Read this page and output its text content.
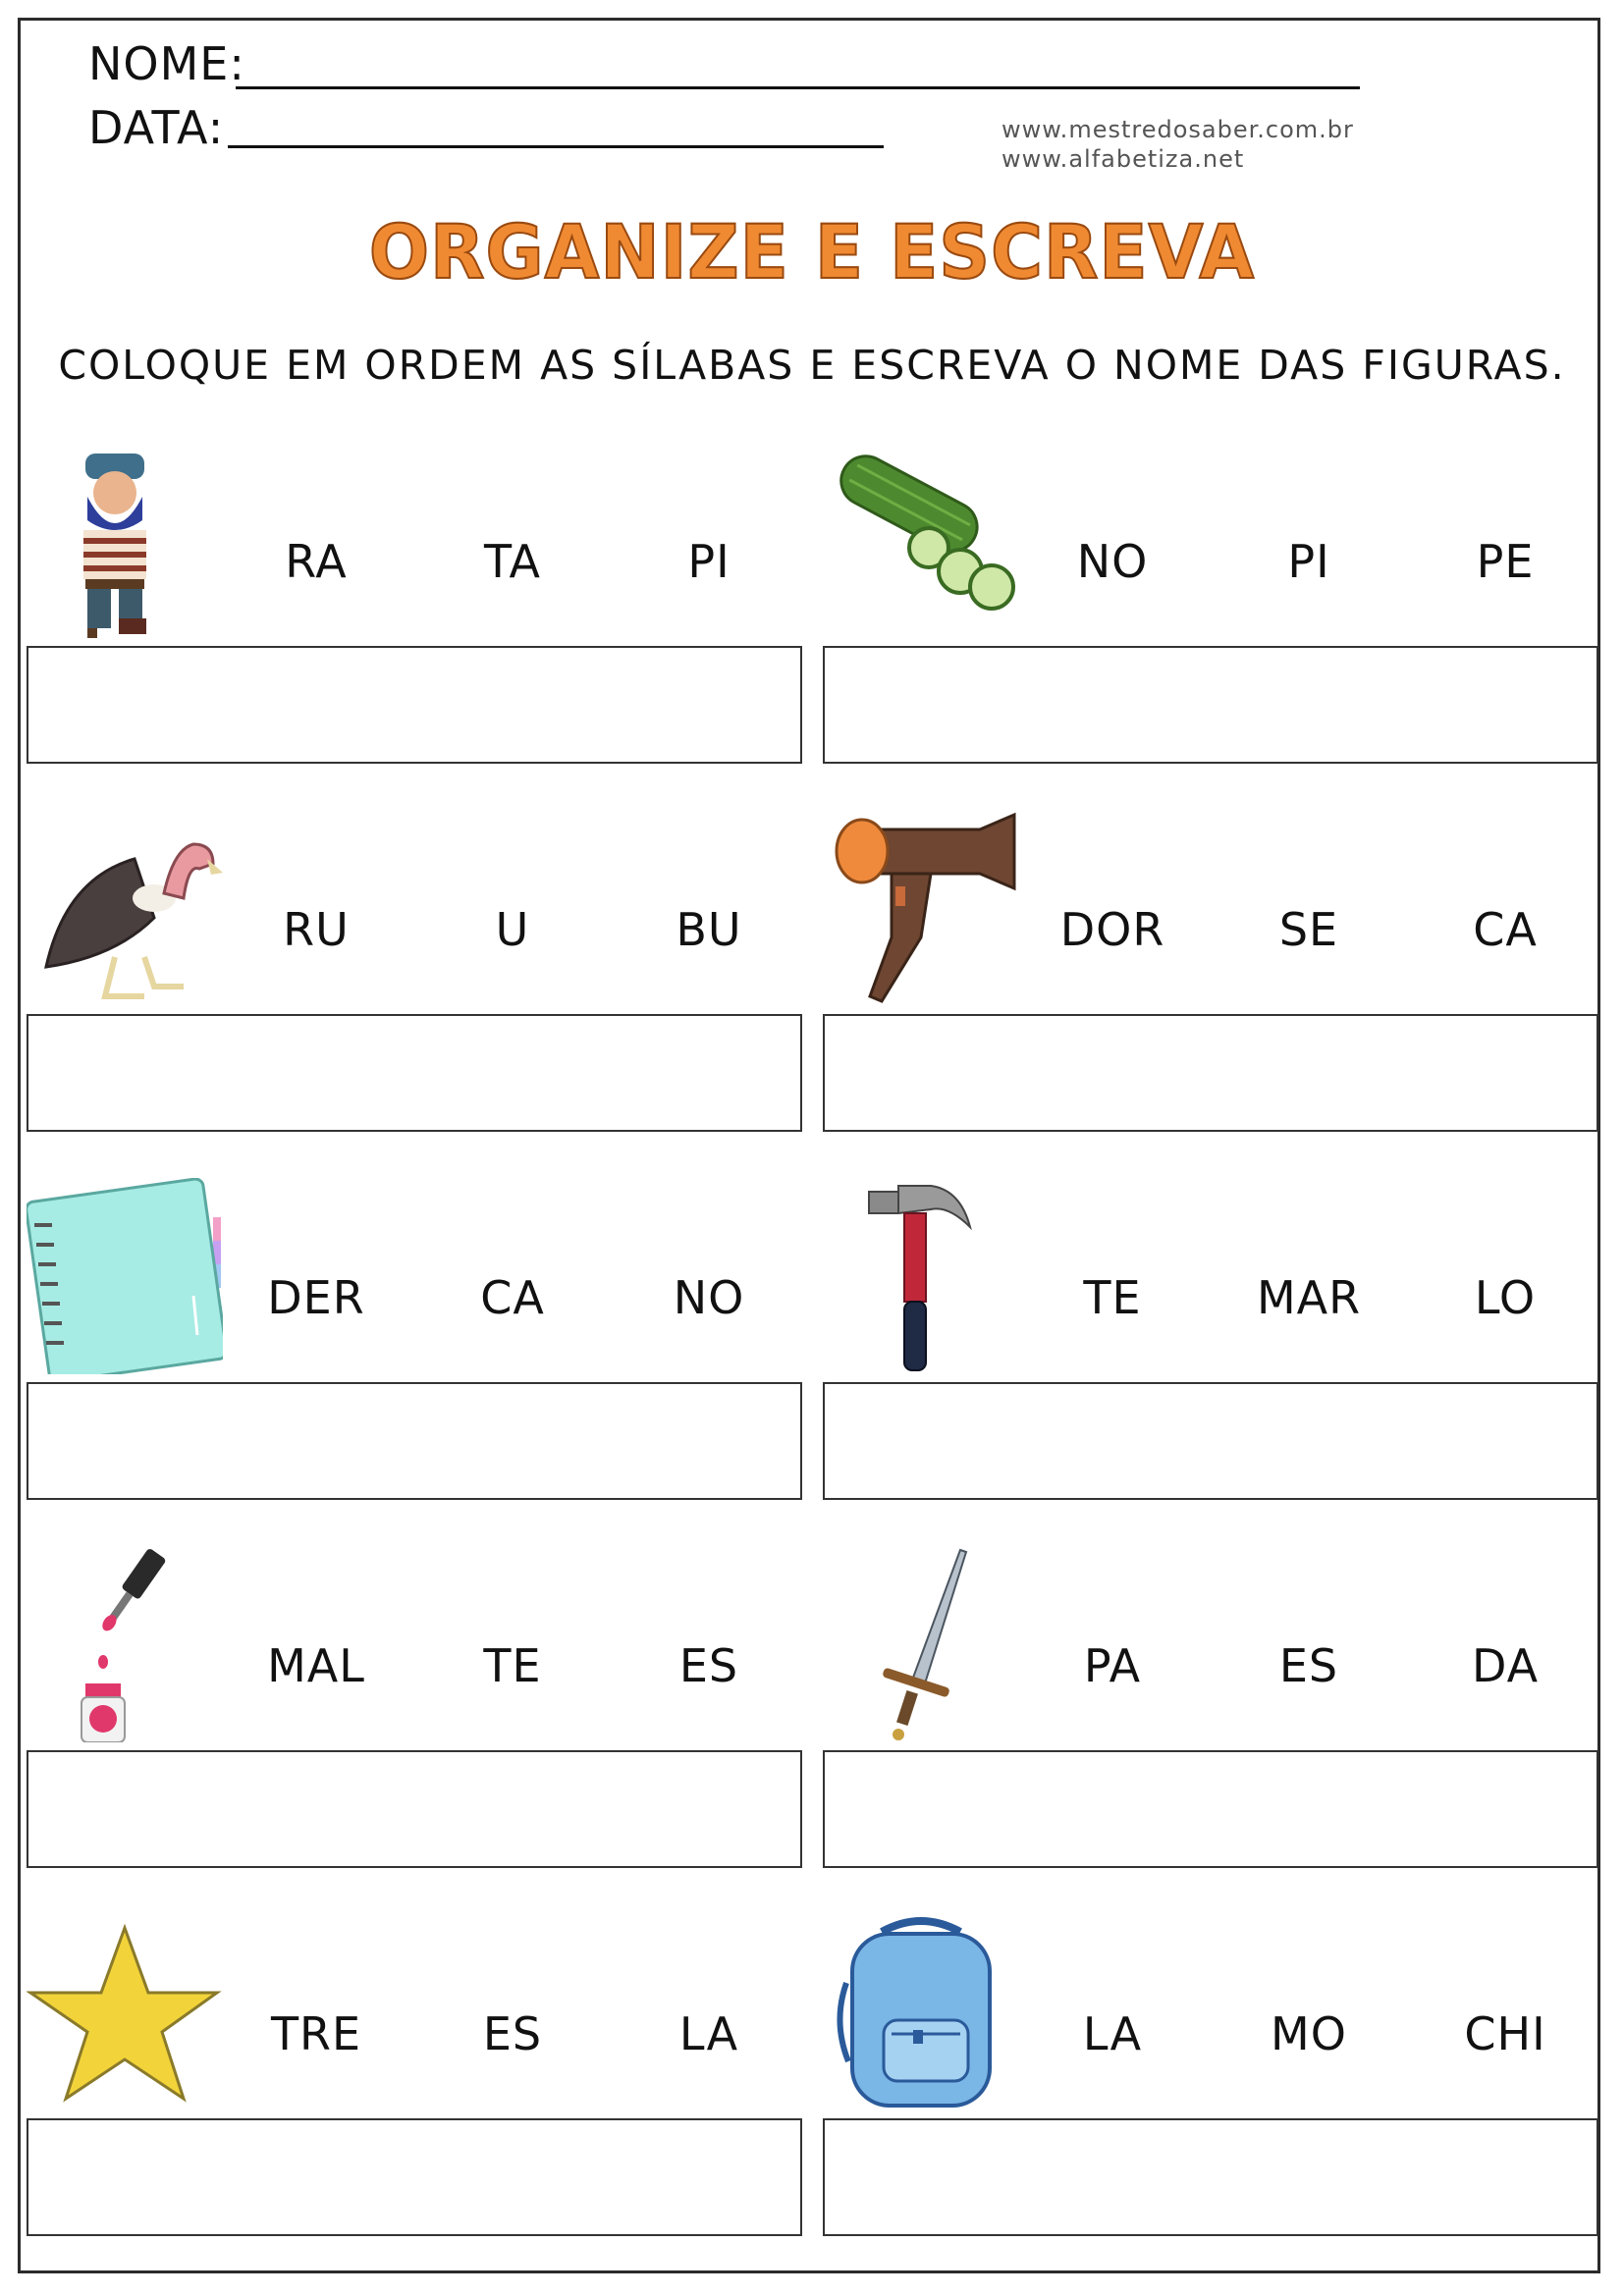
NOME:
DATA:	www.mestredosaber.com.br
www.alfabetiza.net
ORGANIZE E ESCREVA
COLOQUE EM ORDEM AS SÍLABAS E ESCREVA O NOME DAS FIGURAS.
RA	TA	PI	NO	PI	PE
RU	U	BU	DOR	SE	CA
DER	CA	NO	TE	MAR	LO
MAL	TE	ES	PA	ES	DA
TRE	ES	LA	LA	MO	CHI
